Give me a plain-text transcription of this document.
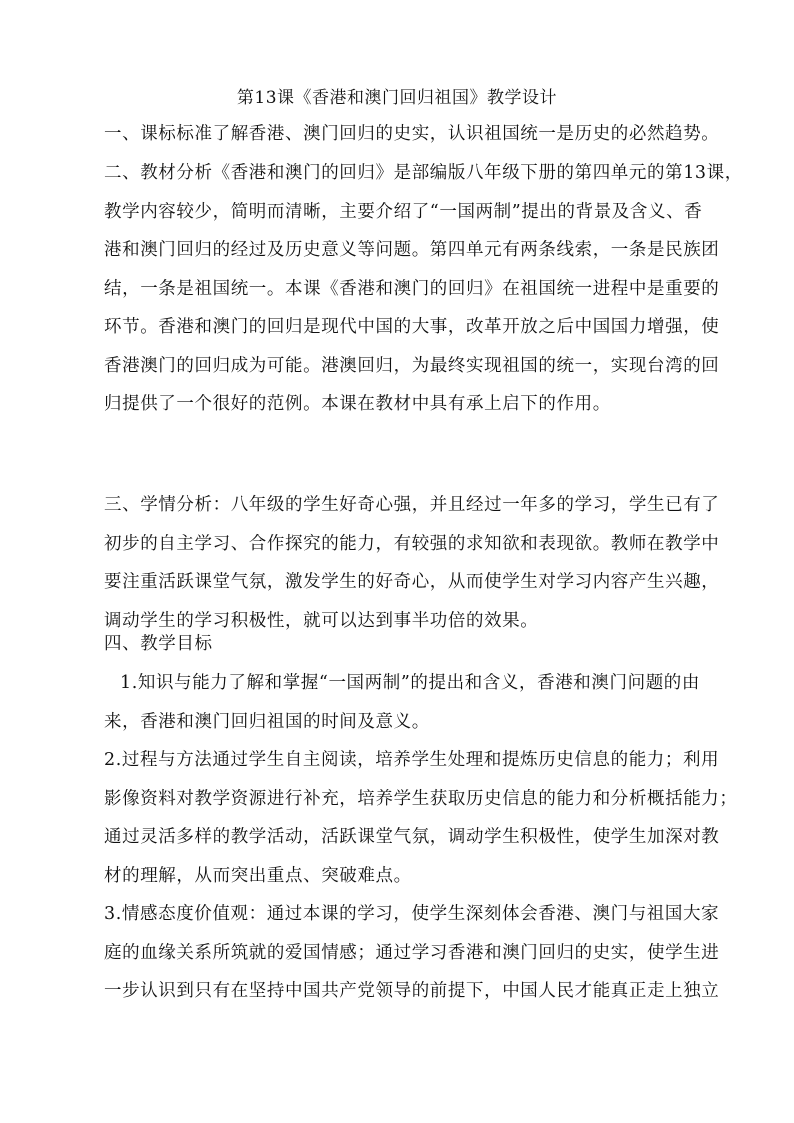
第13课《香港和澳门回归祖国》教学设计
一、课标标准了解香港、澳门回归的史实，认识祖国统一是历史的必然趋势。
二、教材分析《香港和澳门的回归》是部编版八年级下册的第四单元的第13课，
教学内容较少，简明而清晰，主要介绍了“一国两制”提出的背景及含义、香
港和澳门回归的经过及历史意义等问题。第四单元有两条线索，一条是民族团
结，一条是祖国统一。本课《香港和澳门的回归》在祖国统一进程中是重要的
环节。香港和澳门的回归是现代中国的大事，改革开放之后中国国力增强，使
香港澳门的回归成为可能。港澳回归，为最终实现祖国的统一，实现台湾的回
归提供了一个很好的范例。本课在教材中具有承上启下的作用。
三、学情分析：八年级的学生好奇心强，并且经过一年多的学习，学生已有了
初步的自主学习、合作探究的能力，有较强的求知欲和表现欲。教师在教学中
要注重活跃课堂气氛，激发学生的好奇心，从而使学生对学习内容产生兴趣，
调动学生的学习积极性，就可以达到事半功倍的效果。
四、教学目标
1.知识与能力了解和掌握“一国两制”的提出和含义，香港和澳门问题的由
来，香港和澳门回归祖国的时间及意义。
2.过程与方法通过学生自主阅读，培养学生处理和提炼历史信息的能力；利用
影像资料对教学资源进行补充，培养学生获取历史信息的能力和分析概括能力；
通过灵活多样的教学活动，活跃课堂气氛，调动学生积极性，使学生加深对教
材的理解，从而突出重点、突破难点。
3.情感态度价值观：通过本课的学习，使学生深刻体会香港、澳门与祖国大家
庭的血缘关系所筑就的爱国情感；通过学习香港和澳门回归的史实，使学生进
一步认识到只有在坚持中国共产党领导的前提下，中国人民才能真正走上独立
